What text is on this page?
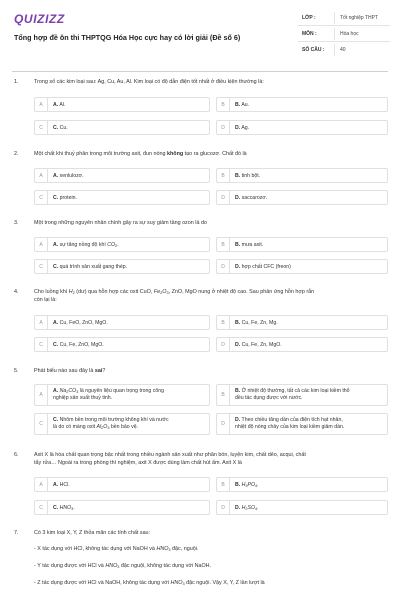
QUIZIZZ
Tổng hợp đề ôn thi THPTQG Hóa Học cực hay có lời giải (Đề số 6)
LỚP :	Tốt nghiệp THPT
MÔN :	Hóa học
SỐ CÂU :	40
1.	Trong số các kim loại sau: Ag, Cu, Au, Al. Kim loại có độ dẫn điện tốt nhất ở điều kiện thường là:
A	A. Al.	B	B. Au.
C	C. Cu.	D	D. Ag.
2.	Một chất khi thuỷ phân trong môi trường axit, đun nóng không tạo ra glucozơ. Chất đó là
A	A. xenlulozơ.	B	B. tinh bột.
C	C. protein.	D	D. saccarozơ.
3.	Một trong những nguyên nhân chính gây ra sự suy giảm tầng ozon là do
A	A. sự tăng nồng độ khí CO2.	B	B. mưa axit.
C	C. quá trình sản xuất gang thép.	D	D. hợp chất CFC (freon)
4.	Cho luồng khí H2 (dư) qua hỗn hợp các oxit CuO, Fe2O3, ZnO, MgO nung ở nhiệt độ cao. Sau phản ứng hỗn hợp rắn
còn lại là:
A	A. Cu, FeO, ZnO, MgO.	B	B. Cu, Fe, Zn, Mg.
C	C. Cu, Fe, ZnO, MgO.	D	D. Cu, Fe, Zn, MgO.
5.	Phát biểu nào sau đây là sai?
A
A. Na2CO3 là nguyên liệu quan trọng trong công
nghiệp sản xuất thuỷ tinh.	B
B. Ở nhiệt độ thường, tất cả các kim loại kiềm thổ
đều tác dụng được với nước.
C
C. Nhôm bền trong môi trường không khí và nước
là do có màng oxit Al2O3 bền bảo vệ.	D
D. Theo chiều tăng dần của điện tích hạt nhân,
nhiệt độ nóng chảy của kim loại kiềm giảm dần.
6.	Axit X là hóa chất quan trọng bậc nhất trong nhiều ngành sản xuất như phân bón, luyện kim, chất dẻo, acqui, chất
tẩy rửa… Ngoài ra trong phòng thí nghiệm, axit X được dùng làm chất hút ẩm. Axit X là
A	A. HCl.	B	B. H3PO4.
C	C. HNO3.	D	D. H2SO4.
7.	Có 3 kim loại X, Y, Z thỏa mãn các tính chất sau:
- X tác dụng với HCl, không tác dụng với NaOH và HNO3 đặc, nguội.
- Y tác dụng được với HCl và HNO3 đặc nguội, không tác dụng với NaOH.
- Z tác dụng được với HCl và NaOH, không tác dụng với HNO3 đặc nguội. Vậy X, Y, Z lần lượt là
